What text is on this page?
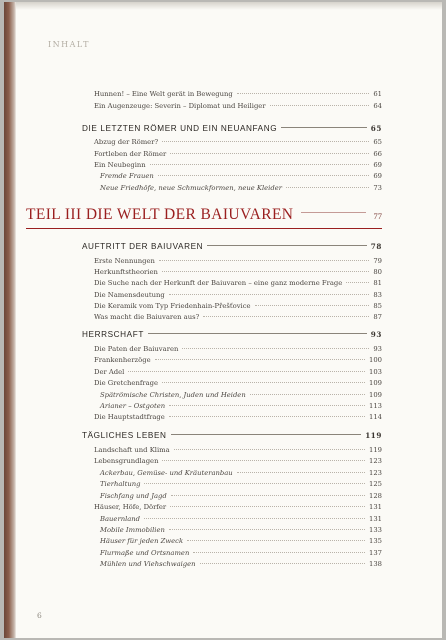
INHALT
Hunnen! – Eine Welt gerät in Bewegung	61
Ein Augenzeuge: Severin – Diplomat und Heiliger	64
DIE LETZTEN RÖMER UND EIN NEUANFANG	65
Abzug der Römer?	65
Fortleben der Römer	66
Ein Neubeginn	69
Fremde Frauen	69
Neue Friedhöfe, neue Schmuckformen, neue Kleider	73
TEIL III DIE WELT DER BAIUVAREN	77
AUFTRITT DER BAIUVAREN	78
Erste Nennungen	79
Herkunftstheorien	80
Die Suche nach der Herkunft der Baiuvaren – eine ganz moderne Frage	81
Die Namensdeutung	83
Die Keramik vom Typ Friedenhain-Přešťovice	85
Was macht die Baiuvaren aus?	87
HERRSCHAFT	93
Die Paten der Baiuvaren	93
Frankenherzöge	100
Der Adel	103
Die Gretchenfrage	109
Spätrömische Christen, Juden und Heiden	109
Arianer – Ostgoten	113
Die Hauptstadtfrage	114
TÄGLICHES LEBEN	119
Landschaft und Klima	119
Lebensgrundlagen	123
Ackerbau, Gemüse- und Kräuteranbau	123
Tierhaltung	125
Fischfang und Jagd	128
Häuser, Höfe, Dörfer	131
Bauernland	131
Mobile Immobilien	133
Häuser für jeden Zweck	135
Flurmaße und Ortsnamen	137
Mühlen und Viehschwaigen	138
6
